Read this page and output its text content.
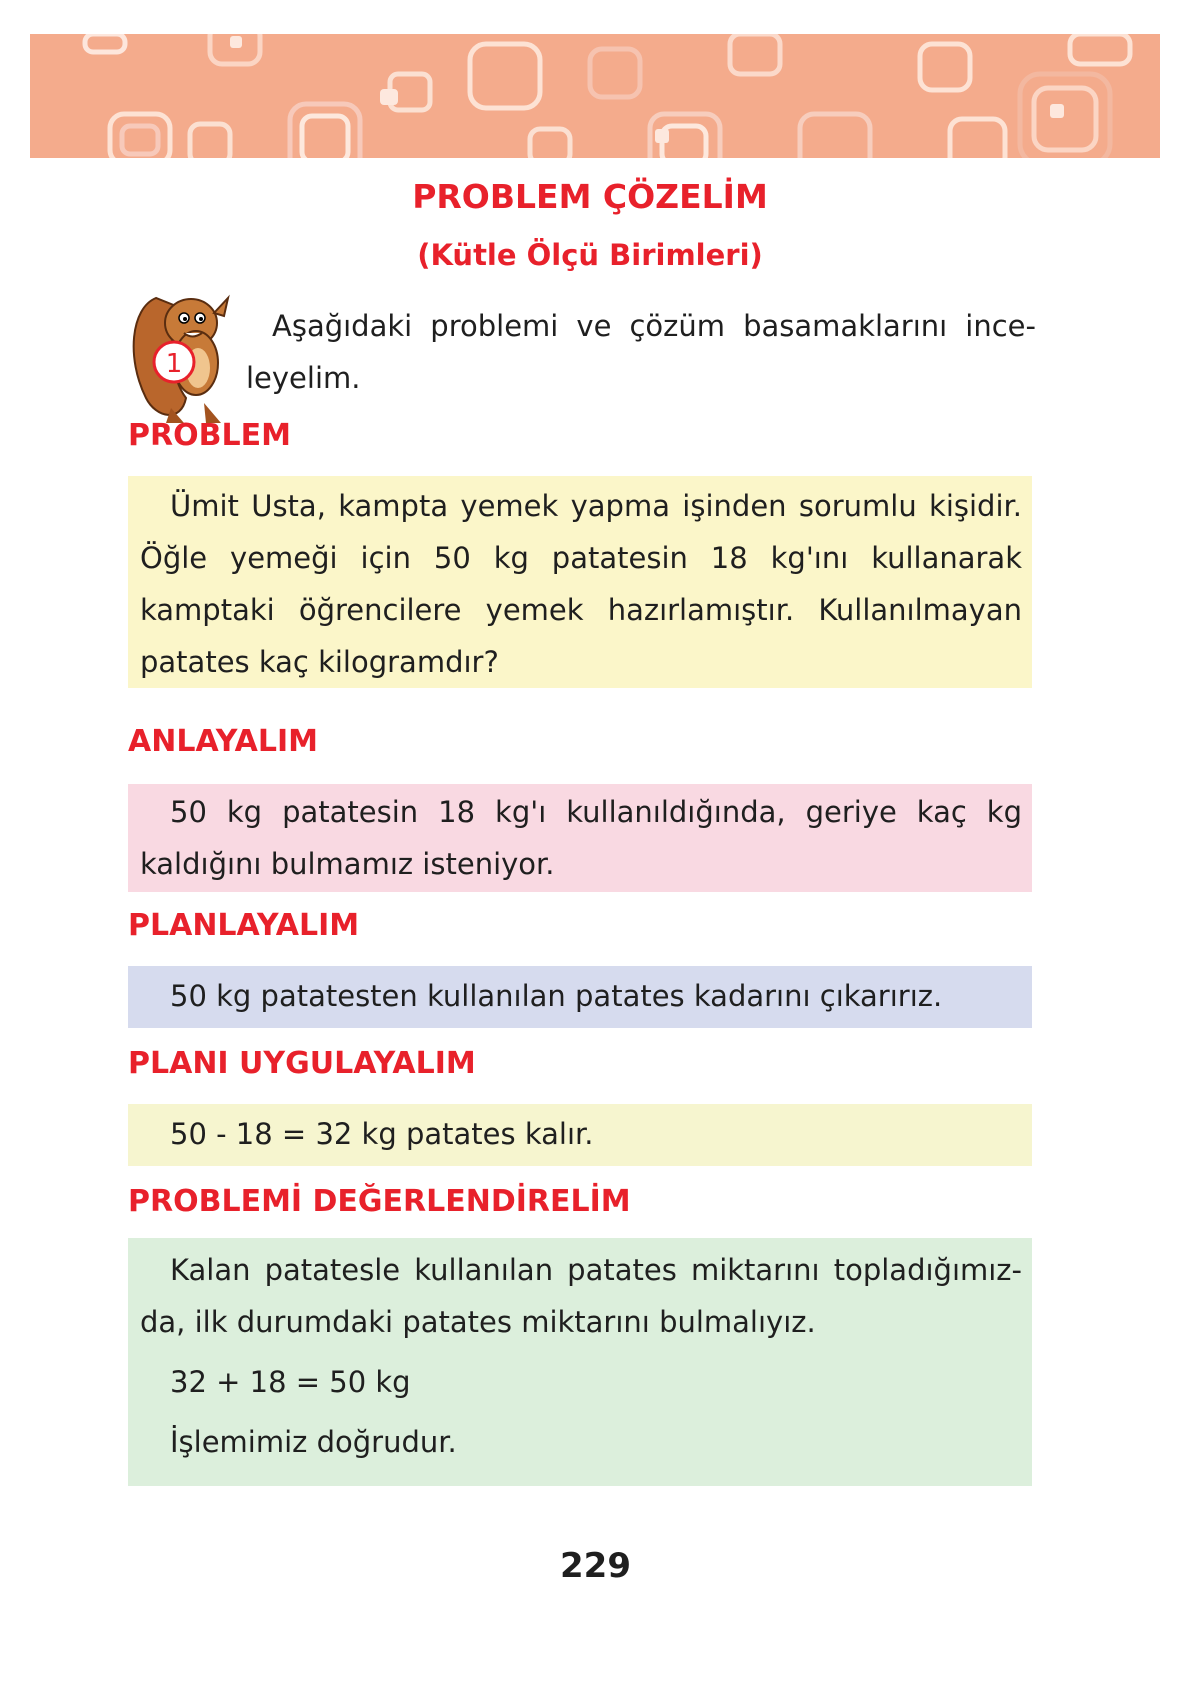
PROBLEM ÇÖZELİM
(Kütle Ölçü Birimleri)
1
Aşağıdaki problemi ve çözüm basamaklarını ince-leyelim.
PROBLEM

Ümit Usta, kampta yemek yapma işinden sorumlu kişidir. Öğle yemeği için 50 kg patatesin 18 kg'ını kullanarak kamptaki öğrencilere yemek hazırlamıştır. Kullanılmayan patates kaç kilogramdır?

ANLAYALIM

50 kg patatesin 18 kg'ı kullanıldığında, geriye kaç kg kaldığını bulmamız isteniyor.

PLANLAYALIM

50 kg patatesten kullanılan patates kadarını çıkarırız.

PLANI UYGULAYALIM

50 - 18 = 32 kg patates kalır.

PROBLEMİ DEĞERLENDİRELİM

Kalan patatesle kullanılan patates miktarını topladığımız-da, ilk durumdaki patates miktarını bulmalıyız.

32 + 18 = 50 kg

İşlemimiz doğrudur.

229
